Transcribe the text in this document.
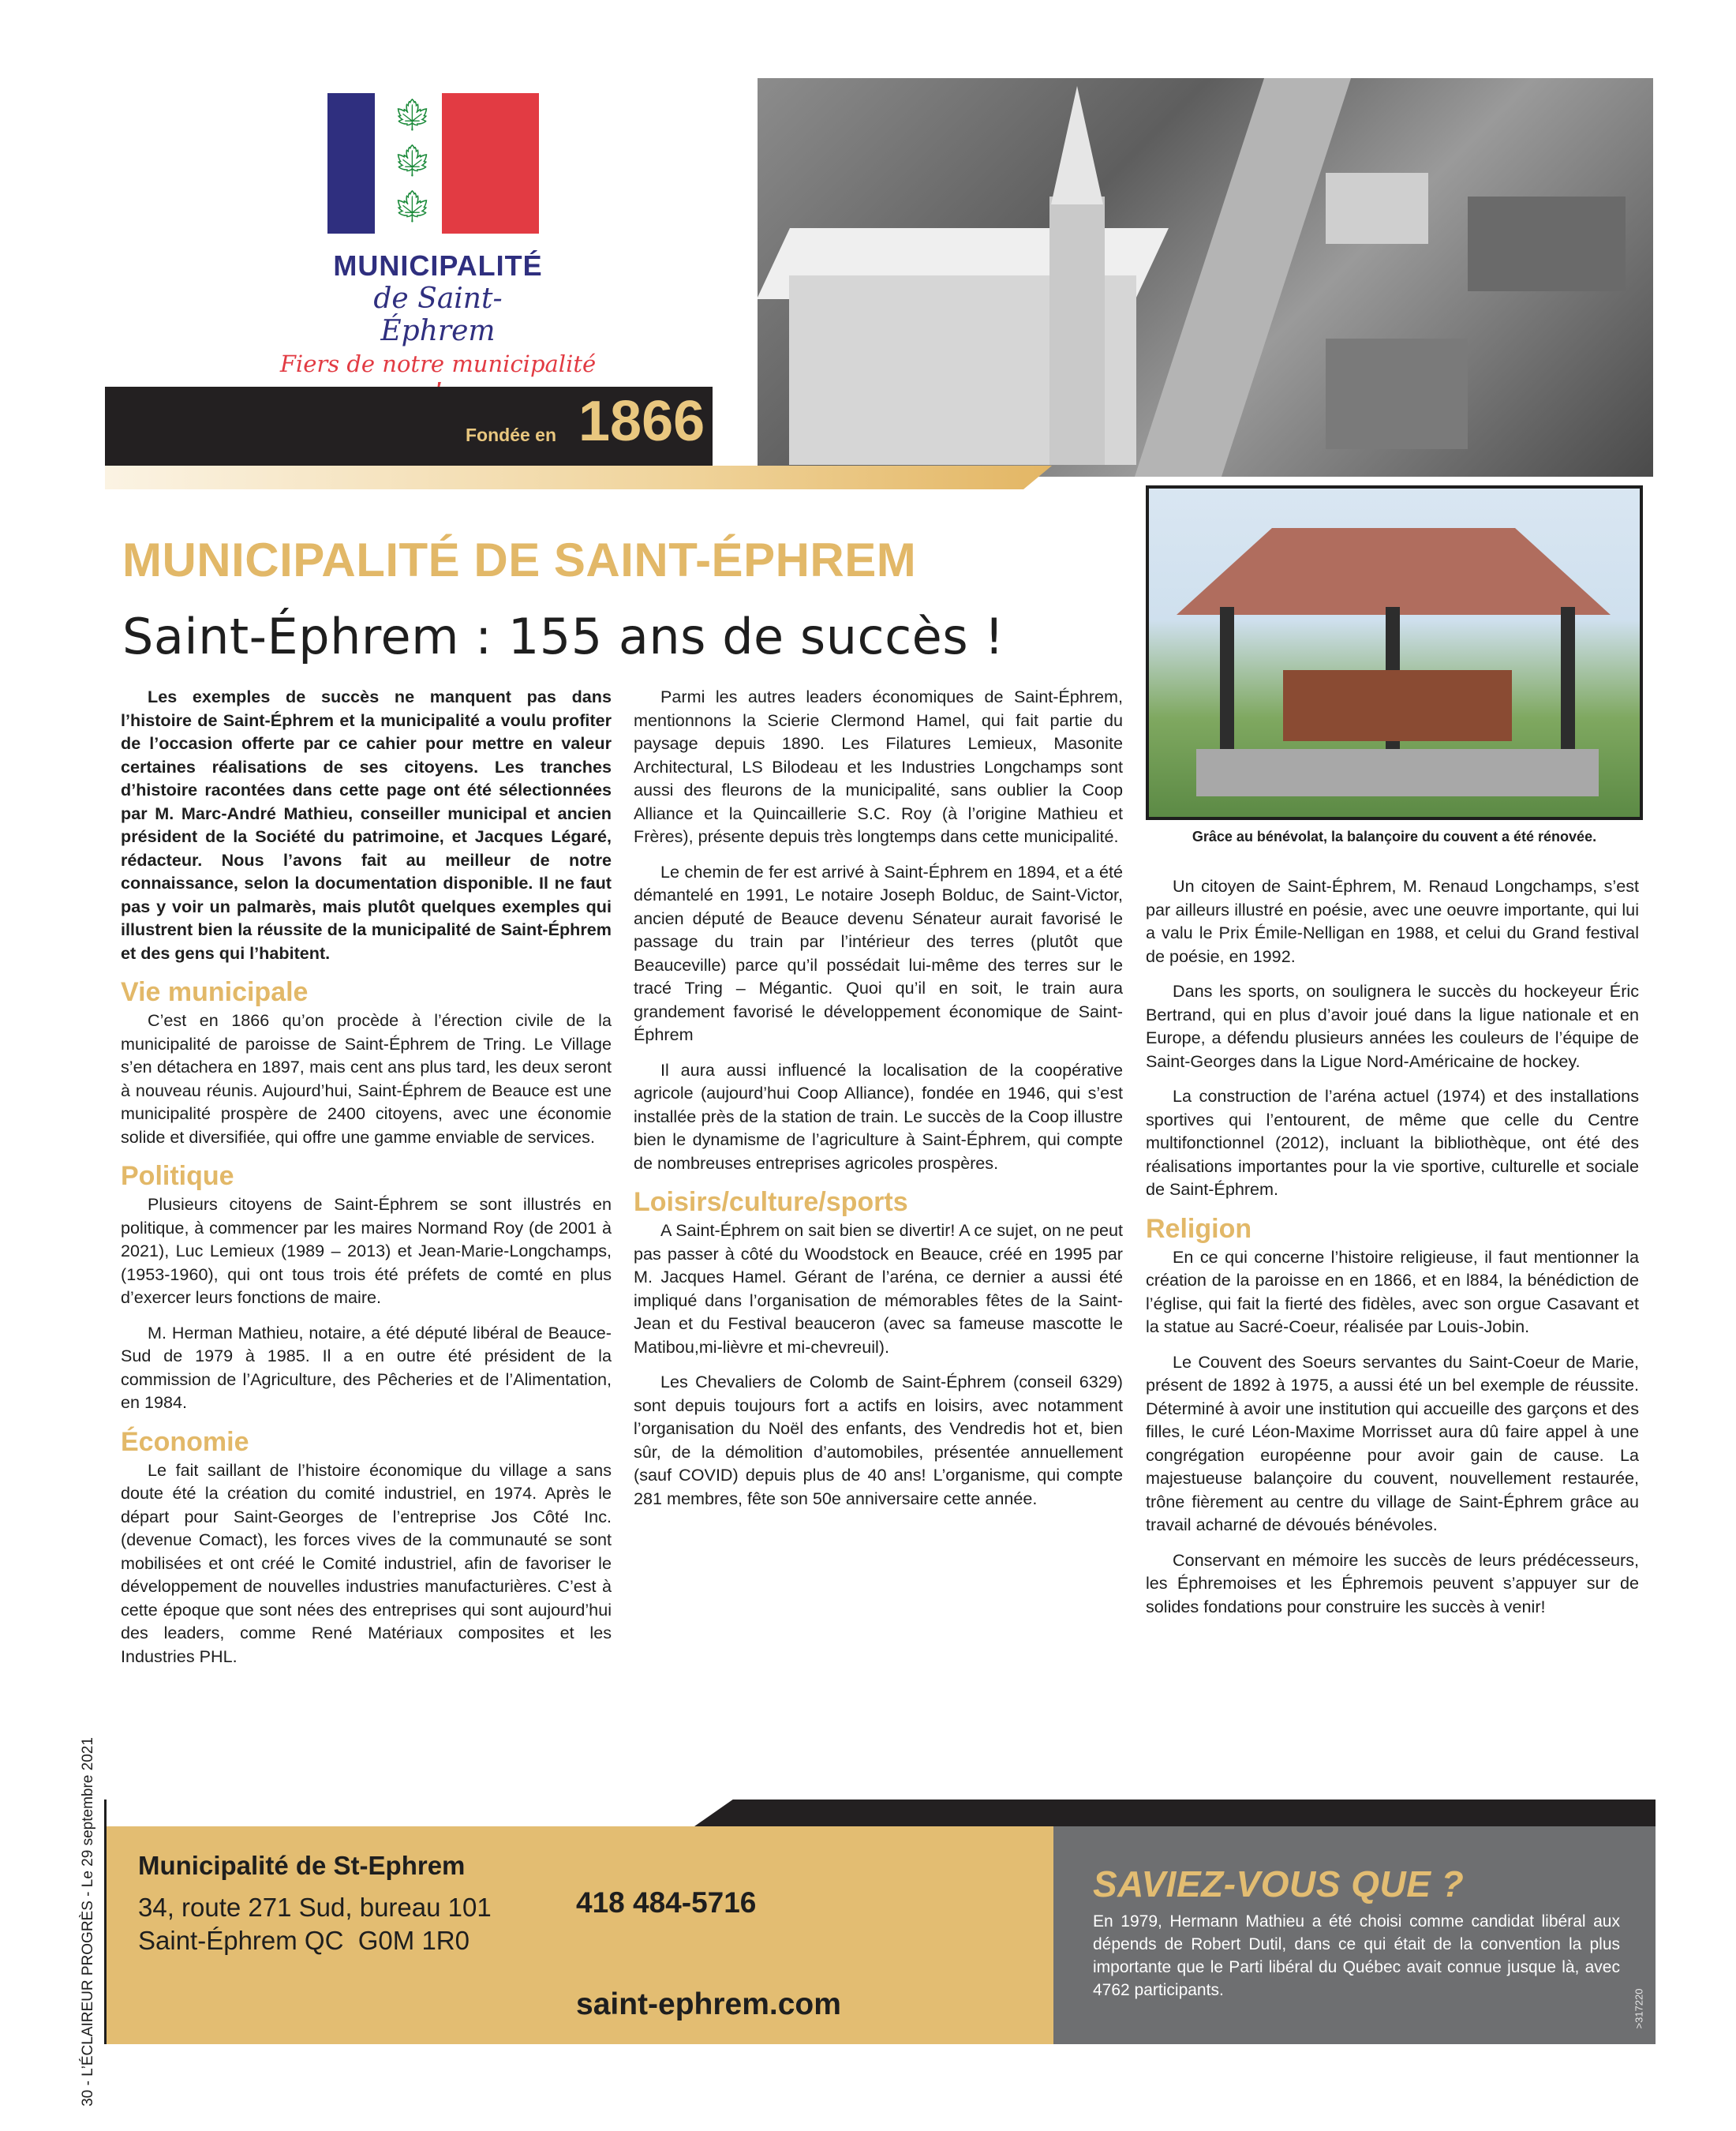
🍁︎
🍁︎
🍁︎
MUNICIPALITÉ
de Saint-Éphrem
Fiers de notre municipalité
Fondée en 1866
Grâce au bénévolat, la balançoire du couvent a été rénovée.
MUNICIPALITÉ DE SAINT-ÉPHREM
Saint-Éphrem : 155 ans de succès !

Les exemples de succès ne manquent pas dans l’histoire de Saint-Éphrem et la municipalité a voulu profiter de l’occasion offerte par ce cahier pour mettre en valeur certaines réalisations de ses citoyens. Les tranches d’histoire racontées dans cette page ont été sélectionnées par M. Marc-André Mathieu, conseiller municipal et ancien président de la Société du patrimoine, et Jacques Légaré, rédacteur. Nous l’avons fait au meilleur de notre connaissance, selon la documentation disponible. Il ne faut pas y voir un palmarès, mais plutôt quelques exemples qui illustrent bien la réussite de la municipalité de Saint-Éphrem et des gens qui l’habitent.

Vie municipale

C’est en 1866 qu’on procède à l’érection civile de la municipalité de paroisse de Saint-Éphrem de Tring. Le Village s’en détachera en 1897, mais cent ans plus tard, les deux seront à nouveau réunis. Aujourd’hui, Saint-Éphrem de Beauce est une municipalité prospère de 2400 citoyens, avec une économie solide et diversifiée, qui offre une gamme enviable de services.

Politique

Plusieurs citoyens de Saint-Éphrem se sont illustrés en politique, à commencer par les maires Normand Roy (de 2001 à 2021), Luc Lemieux (1989 – 2013) et Jean-Marie-Longchamps, (1953-1960), qui ont tous trois été préfets de comté en plus d’exercer leurs fonctions de maire.

M. Herman Mathieu, notaire, a été député libéral de Beauce-Sud de 1979 à 1985. Il a en outre été président de la commission de l’Agriculture, des Pêcheries et de l’Alimentation, en 1984.

Économie

Le fait saillant de l’histoire économique du village a sans doute été la création du comité industriel, en 1974. Après le départ pour Saint-Georges de l’entreprise Jos Côté Inc. (devenue Comact), les forces vives de la communauté se sont mobilisées et ont créé le Comité industriel, afin de favoriser le développement de nouvelles industries manufacturières. C’est à cette époque que sont nées des entreprises qui sont aujourd’hui des leaders, comme René Matériaux composites et les Industries PHL.

Parmi les autres leaders économiques de Saint-Éphrem, mentionnons la Scierie Clermond Hamel, qui fait partie du paysage depuis 1890. Les Filatures Lemieux, Masonite Architectural, LS Bilodeau et les Industries Longchamps sont aussi des fleurons de la municipalité, sans oublier la Coop Alliance et la Quincaillerie S.C. Roy (à l’origine Mathieu et Frères), présente depuis très longtemps dans cette municipalité.

Le chemin de fer est arrivé à Saint-Éphrem en 1894, et a été démantelé en 1991, Le notaire Joseph Bolduc, de Saint-Victor, ancien député de Beauce devenu Sénateur aurait favorisé le passage du train par l’intérieur des terres (plutôt que Beauceville) parce qu’il possédait lui-même des terres sur le tracé Tring – Mégantic. Quoi qu’il en soit, le train aura grandement favorisé le développement économique de Saint-Éphrem

Il aura aussi influencé la localisation de la coopérative agricole (aujourd’hui Coop Alliance), fondée en 1946, qui s’est installée près de la station de train. Le succès de la Coop illustre bien le dynamisme de l’agriculture à Saint-Éphrem, qui compte de nombreuses entreprises agricoles prospères.

Loisirs/culture/sports

A Saint-Éphrem on sait bien se divertir! A ce sujet, on ne peut pas passer à côté du Woodstock en Beauce, créé en 1995 par M. Jacques Hamel. Gérant de l’aréna, ce dernier a aussi été impliqué dans l’organisation de mémorables fêtes de la Saint-Jean et du Festival beauceron (avec sa fameuse mascotte le Matibou,mi-lièvre et mi-chevreuil).

Les Chevaliers de Colomb de Saint-Éphrem (conseil 6329) sont depuis toujours fort a actifs en loisirs, avec notamment l’organisation du Noël des enfants, des Vendredis hot et, bien sûr, de la démolition d’automobiles, présentée annuellement (sauf COVID) depuis plus de 40 ans! L’organisme, qui compte 281 membres, fête son 50e anniversaire cette année.

Un citoyen de Saint-Éphrem, M. Renaud Longchamps, s’est par ailleurs illustré en poésie, avec une oeuvre importante, qui lui a valu le Prix Émile-Nelligan en 1988, et celui du Grand festival de poésie, en 1992.

Dans les sports, on soulignera le succès du hockeyeur Éric Bertrand, qui en plus d’avoir joué dans la ligue nationale et en Europe, a défendu plusieurs années les couleurs de l’équipe de Saint-Georges dans la Ligue Nord-Américaine de hockey.

La construction de l’aréna actuel (1974) et des installations sportives qui l’entourent, de même que celle du Centre multifonctionnel (2012), incluant la bibliothèque, ont été des réalisations importantes pour la vie sportive, culturelle et sociale de Saint-Éphrem.

Religion

En ce qui concerne l’histoire religieuse, il faut mentionner la création de la paroisse en en 1866, et en l884, la bénédiction de l’église, qui fait la fierté des fidèles, avec son orgue Casavant et la statue au Sacré-Coeur, réalisée par Louis-Jobin.

Le Couvent des Soeurs servantes du Saint-Coeur de Marie, présent de 1892 à 1975, a aussi été un bel exemple de réussite. Déterminé à avoir une institution qui accueille des garçons et des filles, le curé Léon-Maxime Morrisset aura dû faire appel à une congrégation européenne pour avoir gain de cause. La majestueuse balançoire du couvent, nouvellement restaurée, trône fièrement au centre du village de Saint-Éphrem grâce au travail acharné de dévoués bénévoles.

Conservant en mémoire les succès de leurs prédécesseurs, les Éphremoises et les Éphremois peuvent s’appuyer sur de solides fondations pour construire les succès à venir!

30 - L’ÉCLAIREUR PROGRÈS - Le 29 septembre 2021 Municipalité de St-Ephrem
34, route 271 Sud, bureau 101
Saint-Éphrem QC  G0M 1R0
418 484-5716
saint-ephrem.com
SAVIEZ-VOUS QUE ?
En 1979, Hermann Mathieu a été choisi comme candidat libéral aux dépends de Robert Dutil, dans ce qui était de la convention la plus importante que le Parti libéral du Québec avait connue jusque là, avec 4762 participants.	>317220
